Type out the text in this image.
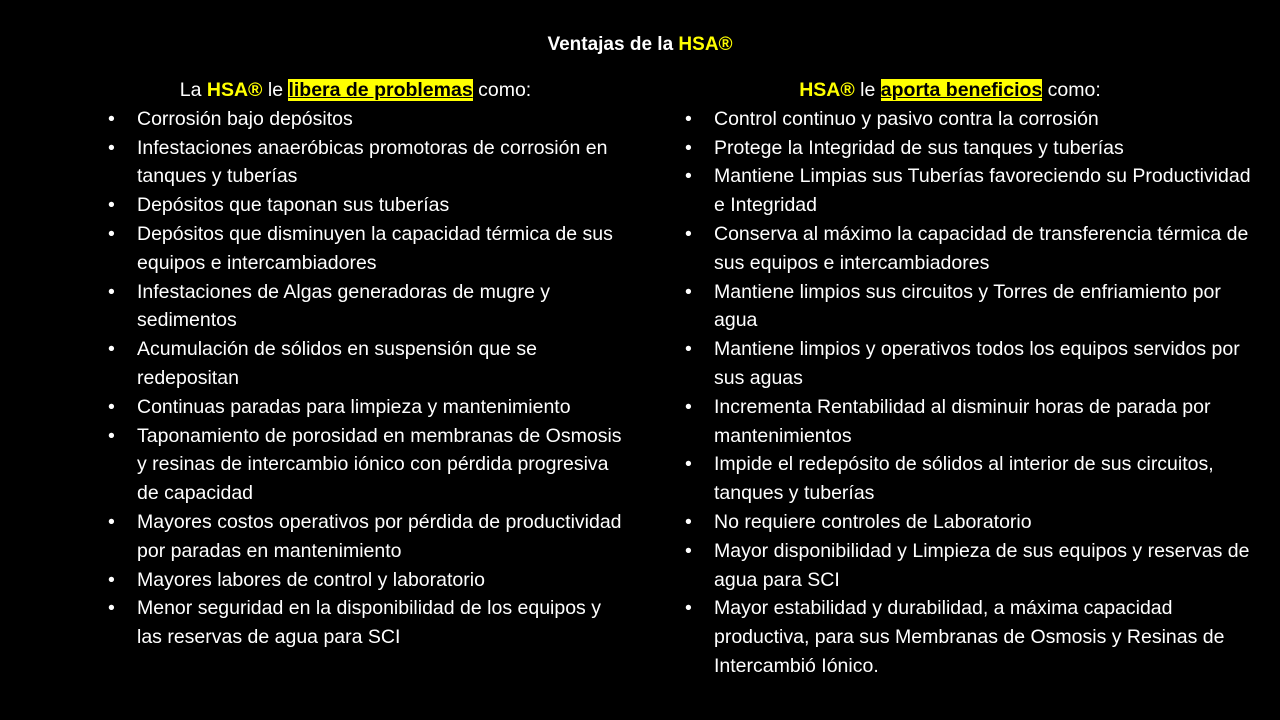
Ventajas de la HSA®
La HSA® le libera de problemas como:
• Corrosión bajo depósitos
• Infestaciones anaeróbicas promotoras de corrosión en tanques y tuberías
• Depósitos que taponan sus tuberías
• Depósitos que disminuyen la capacidad térmica de sus equipos e intercambiadores
• Infestaciones de Algas generadoras de mugre y sedimentos
• Acumulación de sólidos en suspensión que se redepositan
• Continuas paradas para limpieza y mantenimiento
• Taponamiento de porosidad en membranas de Osmosis y resinas de intercambio iónico con pérdida progresiva de capacidad
• Mayores costos operativos por pérdida de productividad por paradas en mantenimiento
• Mayores labores de control y laboratorio
• Menor seguridad en la disponibilidad de los equipos y las reservas de agua para SCI
HSA® le aporta beneficios como:
• Control continuo y pasivo contra la corrosión
• Protege la Integridad de sus tanques y tuberías
• Mantiene Limpias sus Tuberías favoreciendo su Productividad e Integridad
• Conserva al máximo la capacidad de transferencia térmica de sus equipos e intercambiadores
• Mantiene limpios sus circuitos y Torres de enfriamiento por agua
• Mantiene limpios y operativos todos los equipos servidos por sus aguas
• Incrementa Rentabilidad al disminuir horas de parada por mantenimientos
• Impide el redepósito de sólidos al interior de sus circuitos, tanques y tuberías
• No requiere controles de Laboratorio
• Mayor disponibilidad y Limpieza de sus equipos y reservas de agua para SCI
• Mayor estabilidad y durabilidad, a máxima capacidad productiva, para sus Membranas de Osmosis y Resinas de Intercambió Iónico.
